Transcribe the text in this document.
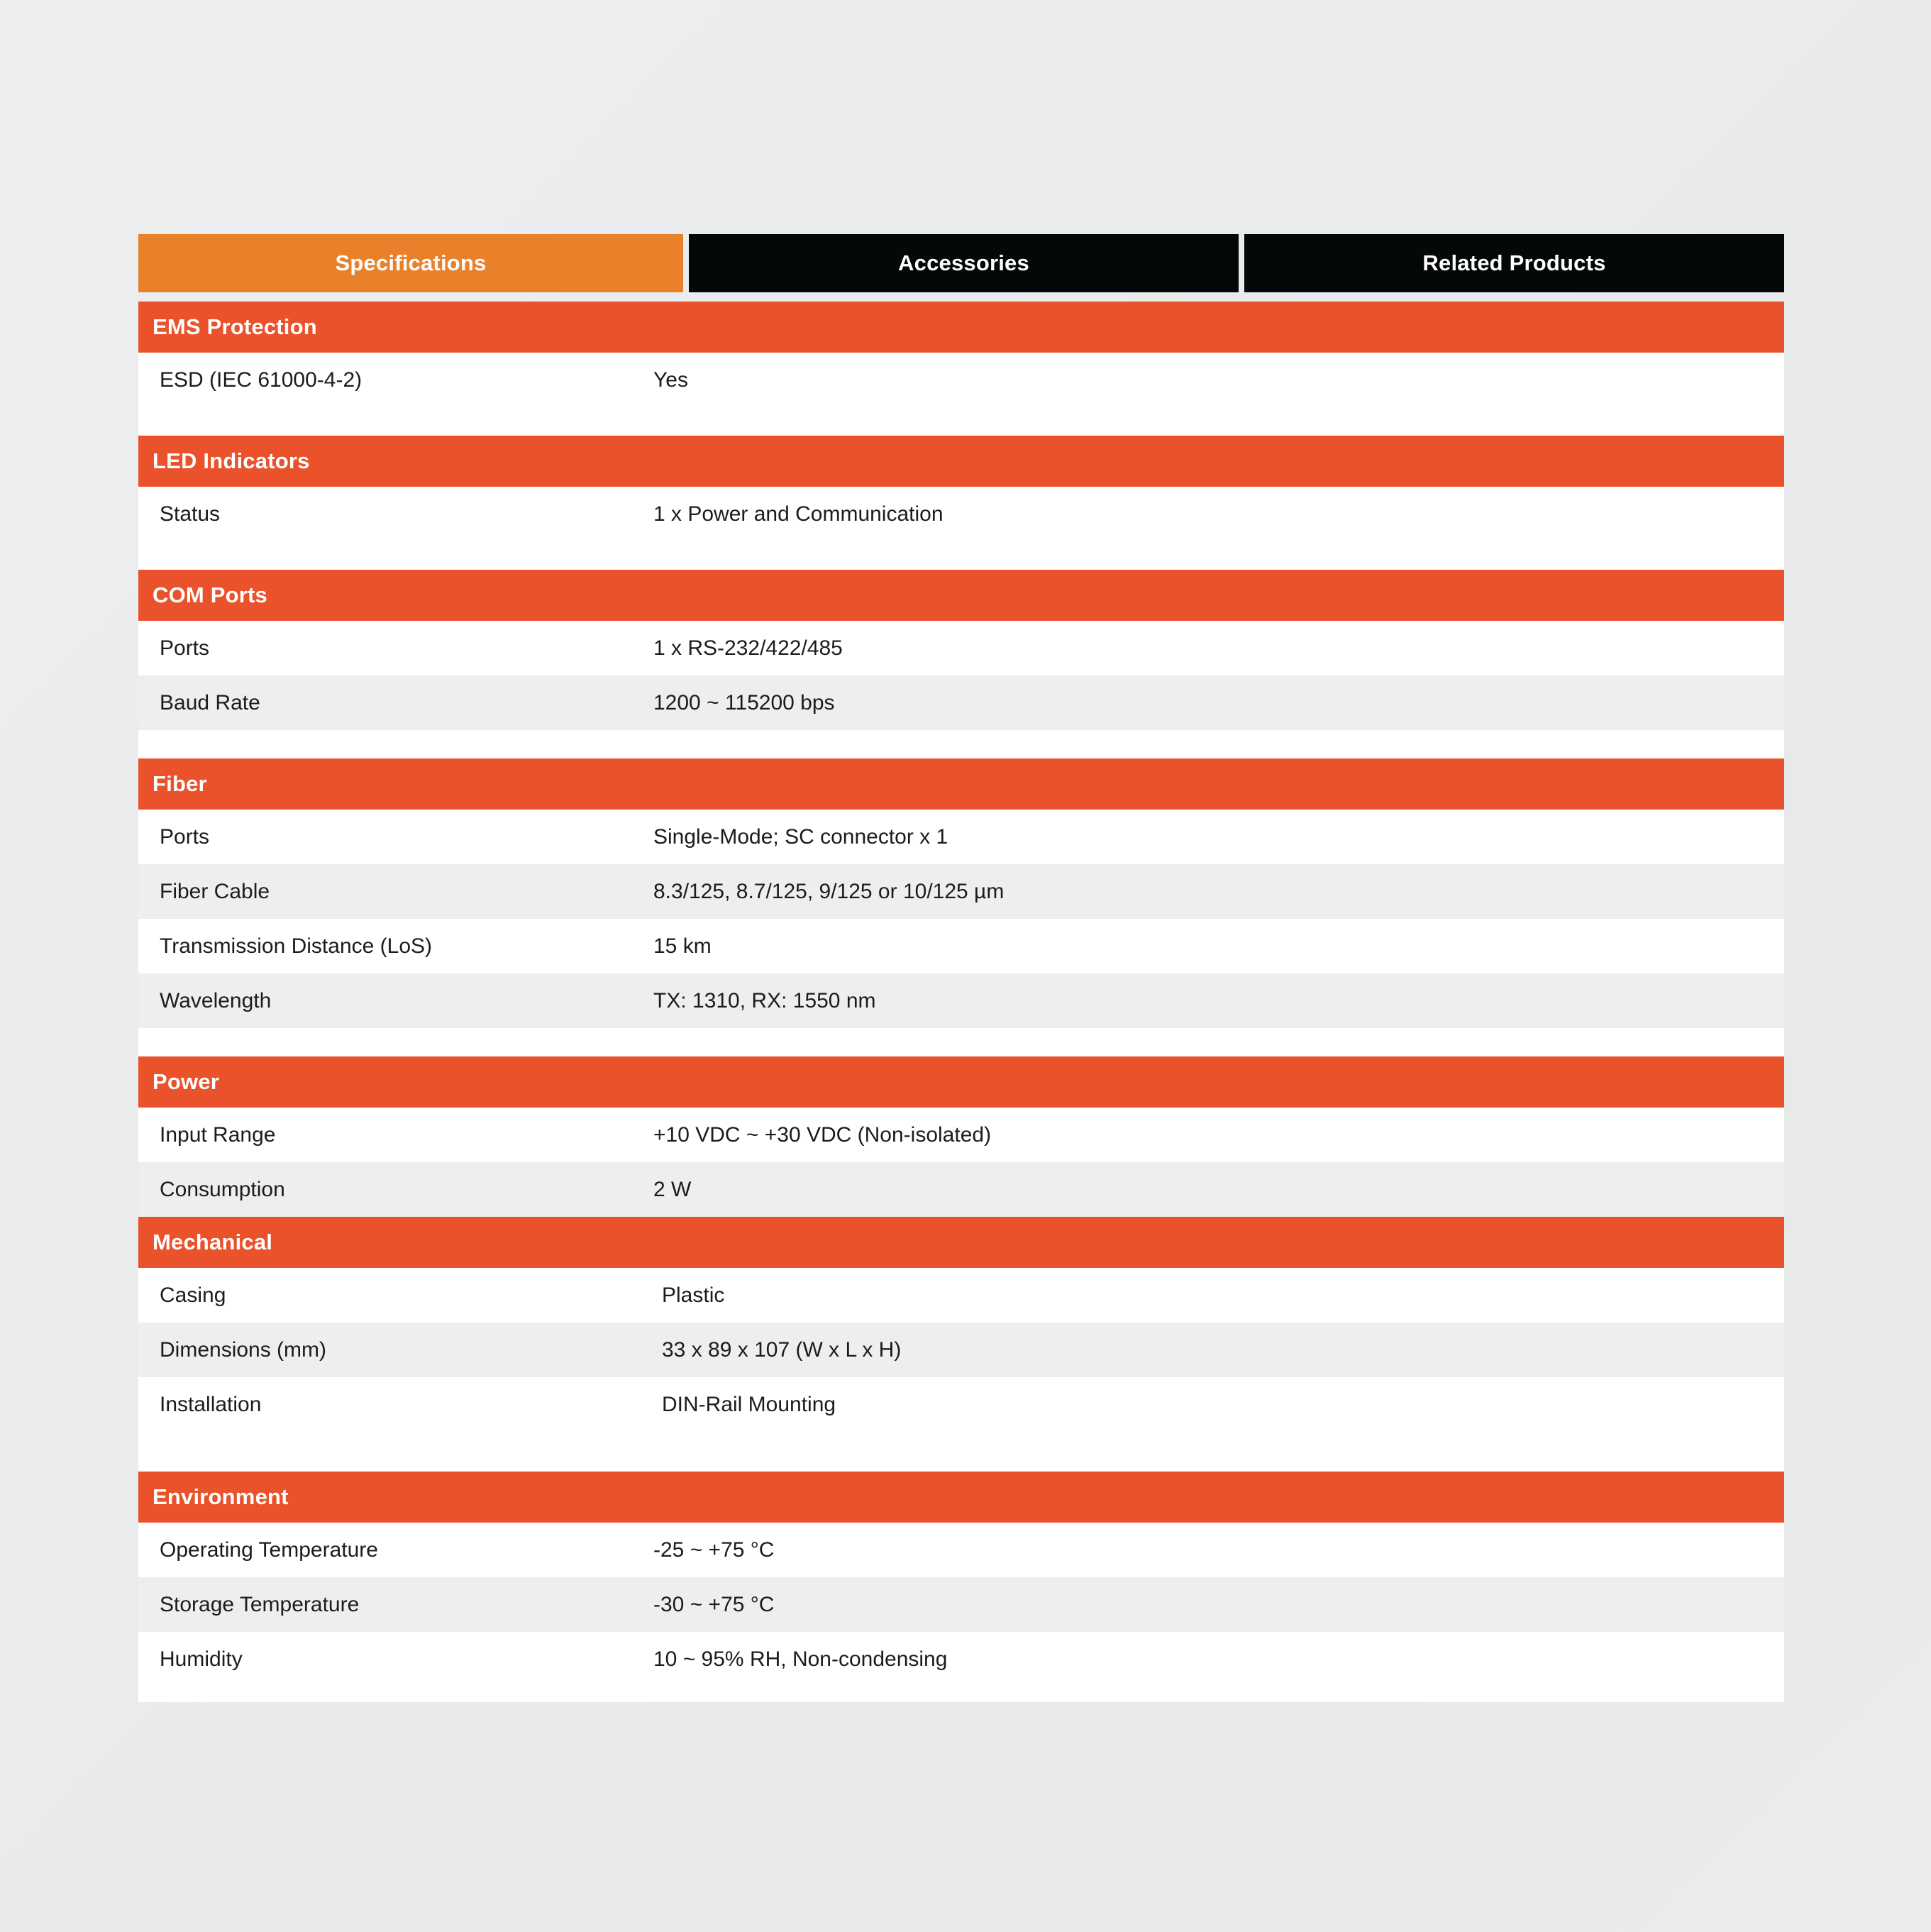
Specifications	Accessories	Related Products
EMS Protection
ESD (IEC 61000-4-2)	Yes
LED Indicators
Status	1 x Power and Communication
COM Ports
Ports	1 x RS-232/422/485
Baud Rate	1200 ~ 115200 bps
Fiber
Ports	Single-Mode; SC connector x 1
Fiber Cable	8.3/125, 8.7/125, 9/125 or 10/125 µm
Transmission Distance (LoS)	15 km
Wavelength	TX: 1310, RX: 1550 nm
Power
Input Range	+10 VDC ~ +30 VDC (Non-isolated)
Consumption	2 W
Mechanical
Casing	Plastic
Dimensions (mm)	33 x 89 x 107 (W x L x H)
Installation	DIN-Rail Mounting
Environment
Operating Temperature	-25 ~ +75 °C
Storage Temperature	-30 ~ +75 °C
Humidity	10 ~ 95% RH, Non-condensing
